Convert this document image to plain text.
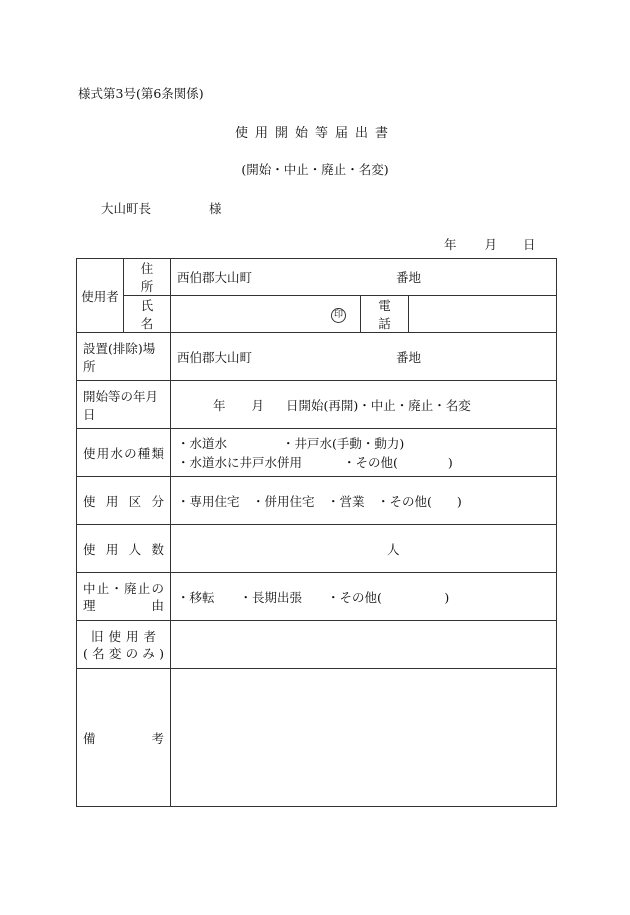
様式第3号(第6条関係)
使用開始等届出書
(開始・中止・廃止・名変)
大山町長	様
年 月 日
使用者	住　所	西伯郡大山町 番地		
	氏　名	印	電　話	
設置(排除)場所		西伯郡大山町 番地		
開始等の年月日		年 月 日開始(再開)・中止・廃止・名変		

使用水の種類		・水道水 ・井戸水(手動・動力)
・水道水に井戸水併用 ・その他(　　　　)		

使用区分		・専用住宅　・併用住宅　・営業　・その他(　　)		

使用人数		人		

中止・廃止の
理 由		・移転　　・長期出張　　・その他(　　　　　)		

旧使用者
(名変のみ)				

備 考				
